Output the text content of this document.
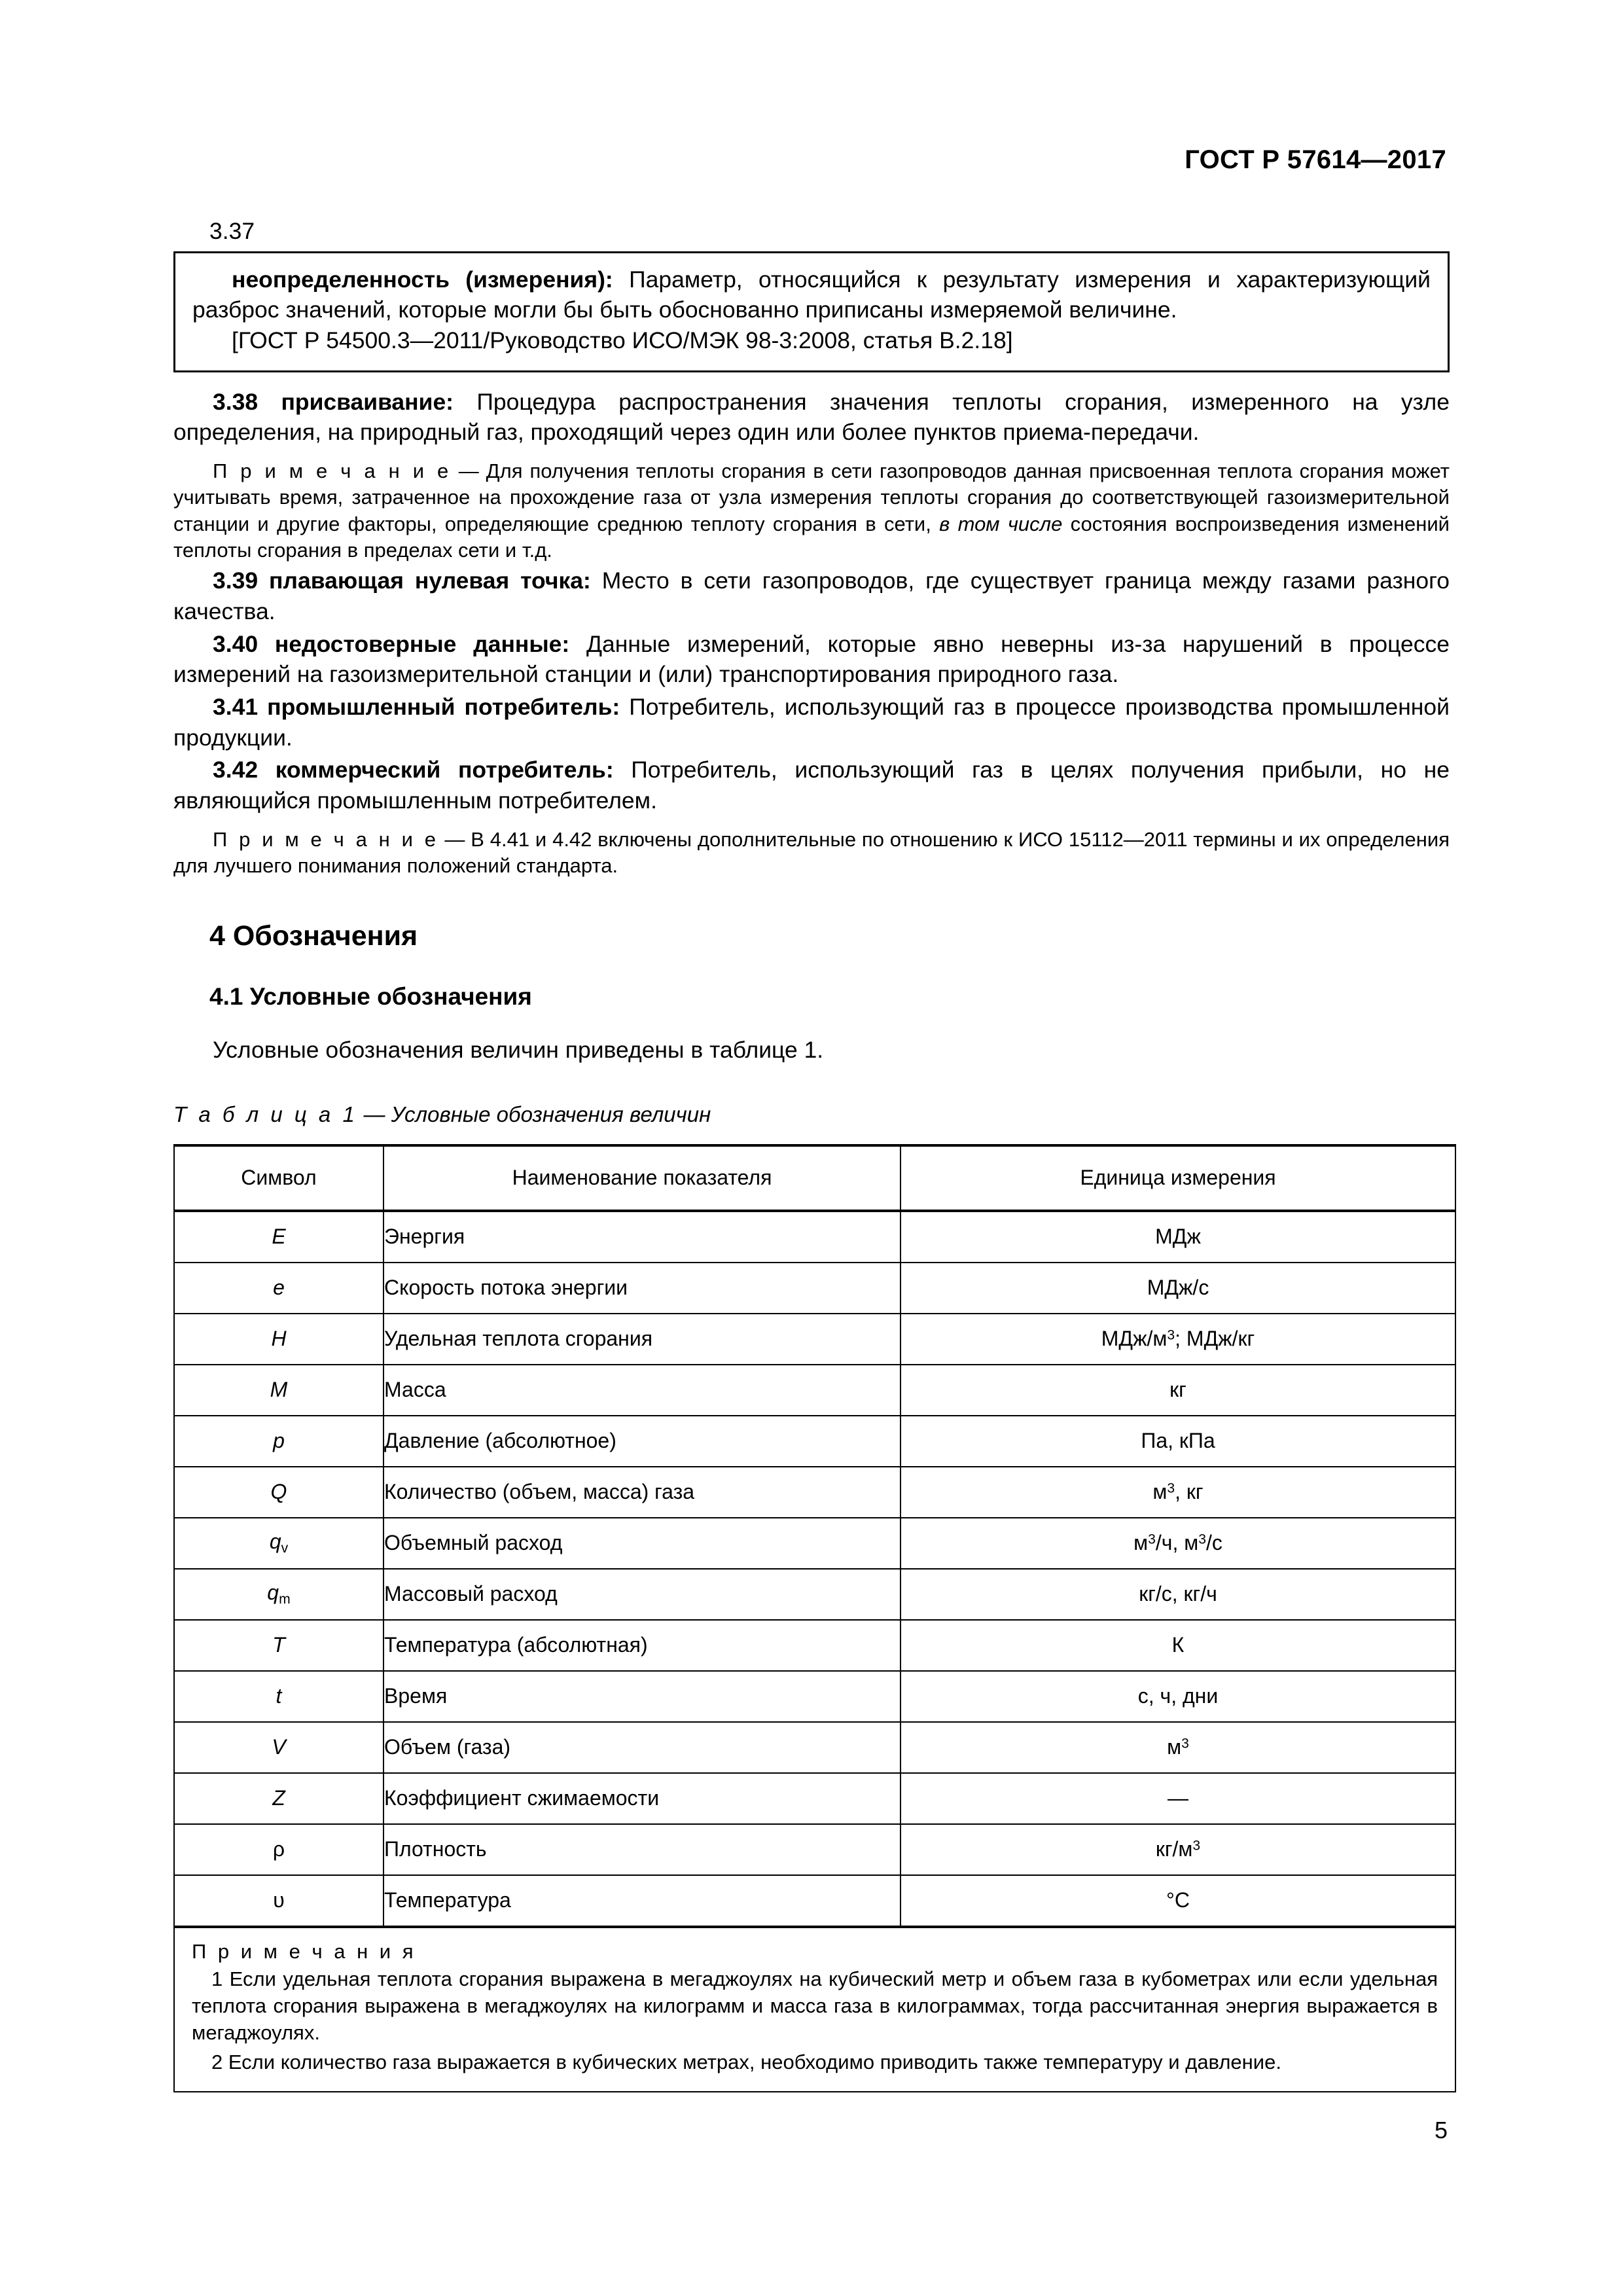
ГОСТ Р 57614—2017
3.37

неопределенность (измерения): Параметр, относящийся к результату измерения и характеризующий разброс значений, которые могли бы быть обоснованно приписаны измеряемой величине.

[ГОСТ Р 54500.3—2011/Руководство ИСО/МЭК 98-3:2008, статья В.2.18]

3.38 присваивание: Процедура распространения значения теплоты сгорания, измеренного на узле определения, на природный газ, проходящий через один или более пунктов приема-передачи.

П р и м е ч а н и е — Для получения теплоты сгорания в сети газопроводов данная присвоенная теплота сгорания может учитывать время, затраченное на прохождение газа от узла измерения теплоты сгорания до соответствующей газоизмерительной станции и другие факторы, определяющие среднюю теплоту сгорания в сети, в том числе состояния воспроизведения изменений теплоты сгорания в пределах сети и т.д.

3.39 плавающая нулевая точка: Место в сети газопроводов, где существует граница между газами разного качества.

3.40 недостоверные данные: Данные измерений, которые явно неверны из-за нарушений в процессе измерений на газоизмерительной станции и (или) транспортирования природного газа.

3.41 промышленный потребитель: Потребитель, использующий газ в процессе производства промышленной продукции.

3.42 коммерческий потребитель: Потребитель, использующий газ в целях получения прибыли, но не являющийся промышленным потребителем.

П р и м е ч а н и е — В 4.41 и 4.42 включены дополнительные по отношению к ИСО 15112—2011 термины и их определения для лучшего понимания положений стандарта.

4 Обозначения
4.1 Условные обозначения

Условные обозначения величин приведены в таблице 1.

Т а б л и ц а 1 — Условные обозначения величин
Символ	Наименование показателя	Единица измерения
E	Энергия	МДж
e	Скорость потока энергии	МДж/с
H	Удельная теплота сгорания	МДж/$м^3$; МДж/кг
M	Масса	кг
p	Давление (абсолютное)	Па, кПа
Q	Количество (объем, масса) газа	$м^3$, кг
$q_v$	Объемный расход	$м^3/ч$, $м^3/с$
$q_m$	Массовый расход	кг/с, кг/ч
T	Температура (абсолютная)	К
t	Время	с, ч, дни
V	Объем (газа)	$м^3$
Z	Коэффициент сжимаемости	—
ρ	Плотность	$кг/м^3$
υ	Температура	°С

П р и м е ч а н и я
1 Если удельная теплота сгорания выражена в мегаджоулях на кубический метр и объем газа в кубометрах или если удельная теплота сгорания выражена в мегаджоулях на килограмм и масса газа в килограммах, тогда рассчитанная энергия выражается в мегаджоулях.
2 Если количество газа выражается в кубических метрах, необходимо приводить также температуру и давление.		
5
